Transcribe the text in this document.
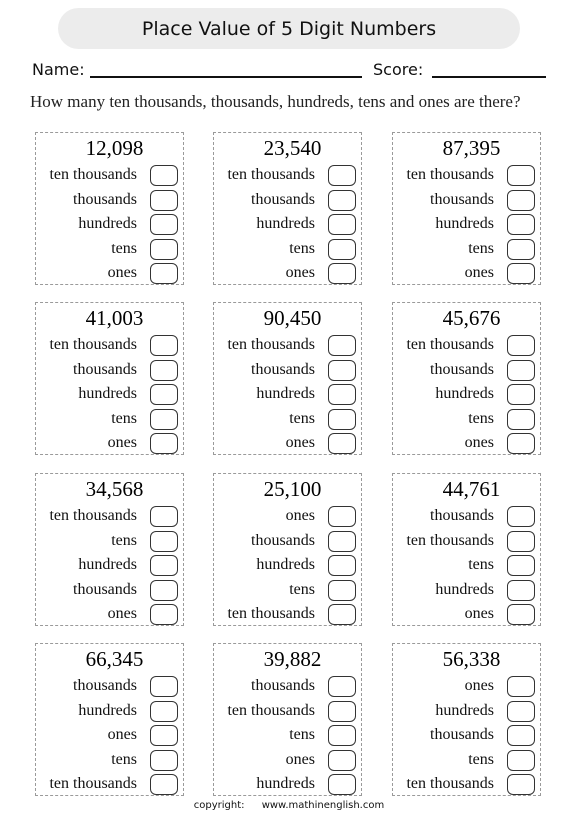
Place Value of 5 Digit Numbers
Name:	Score:
How many ten thousands, thousands, hundreds, tens and ones are there?
12,098
ten thousands
thousands
hundreds
tens
ones
23,540
ten thousands
thousands
hundreds
tens
ones
87,395
ten thousands
thousands
hundreds
tens
ones
41,003
ten thousands
thousands
hundreds
tens
ones
90,450
ten thousands
thousands
hundreds
tens
ones
45,676
ten thousands
thousands
hundreds
tens
ones
34,568
ten thousands
tens
hundreds
thousands
ones
25,100
ones
thousands
hundreds
tens
ten thousands
44,761
thousands
ten thousands
tens
hundreds
ones
66,345
thousands
hundreds
ones
tens
ten thousands
39,882
thousands
ten thousands
tens
ones
hundreds
56,338
ones
hundreds
thousands
tens
ten thousands
copyright: www.mathinenglish.com
